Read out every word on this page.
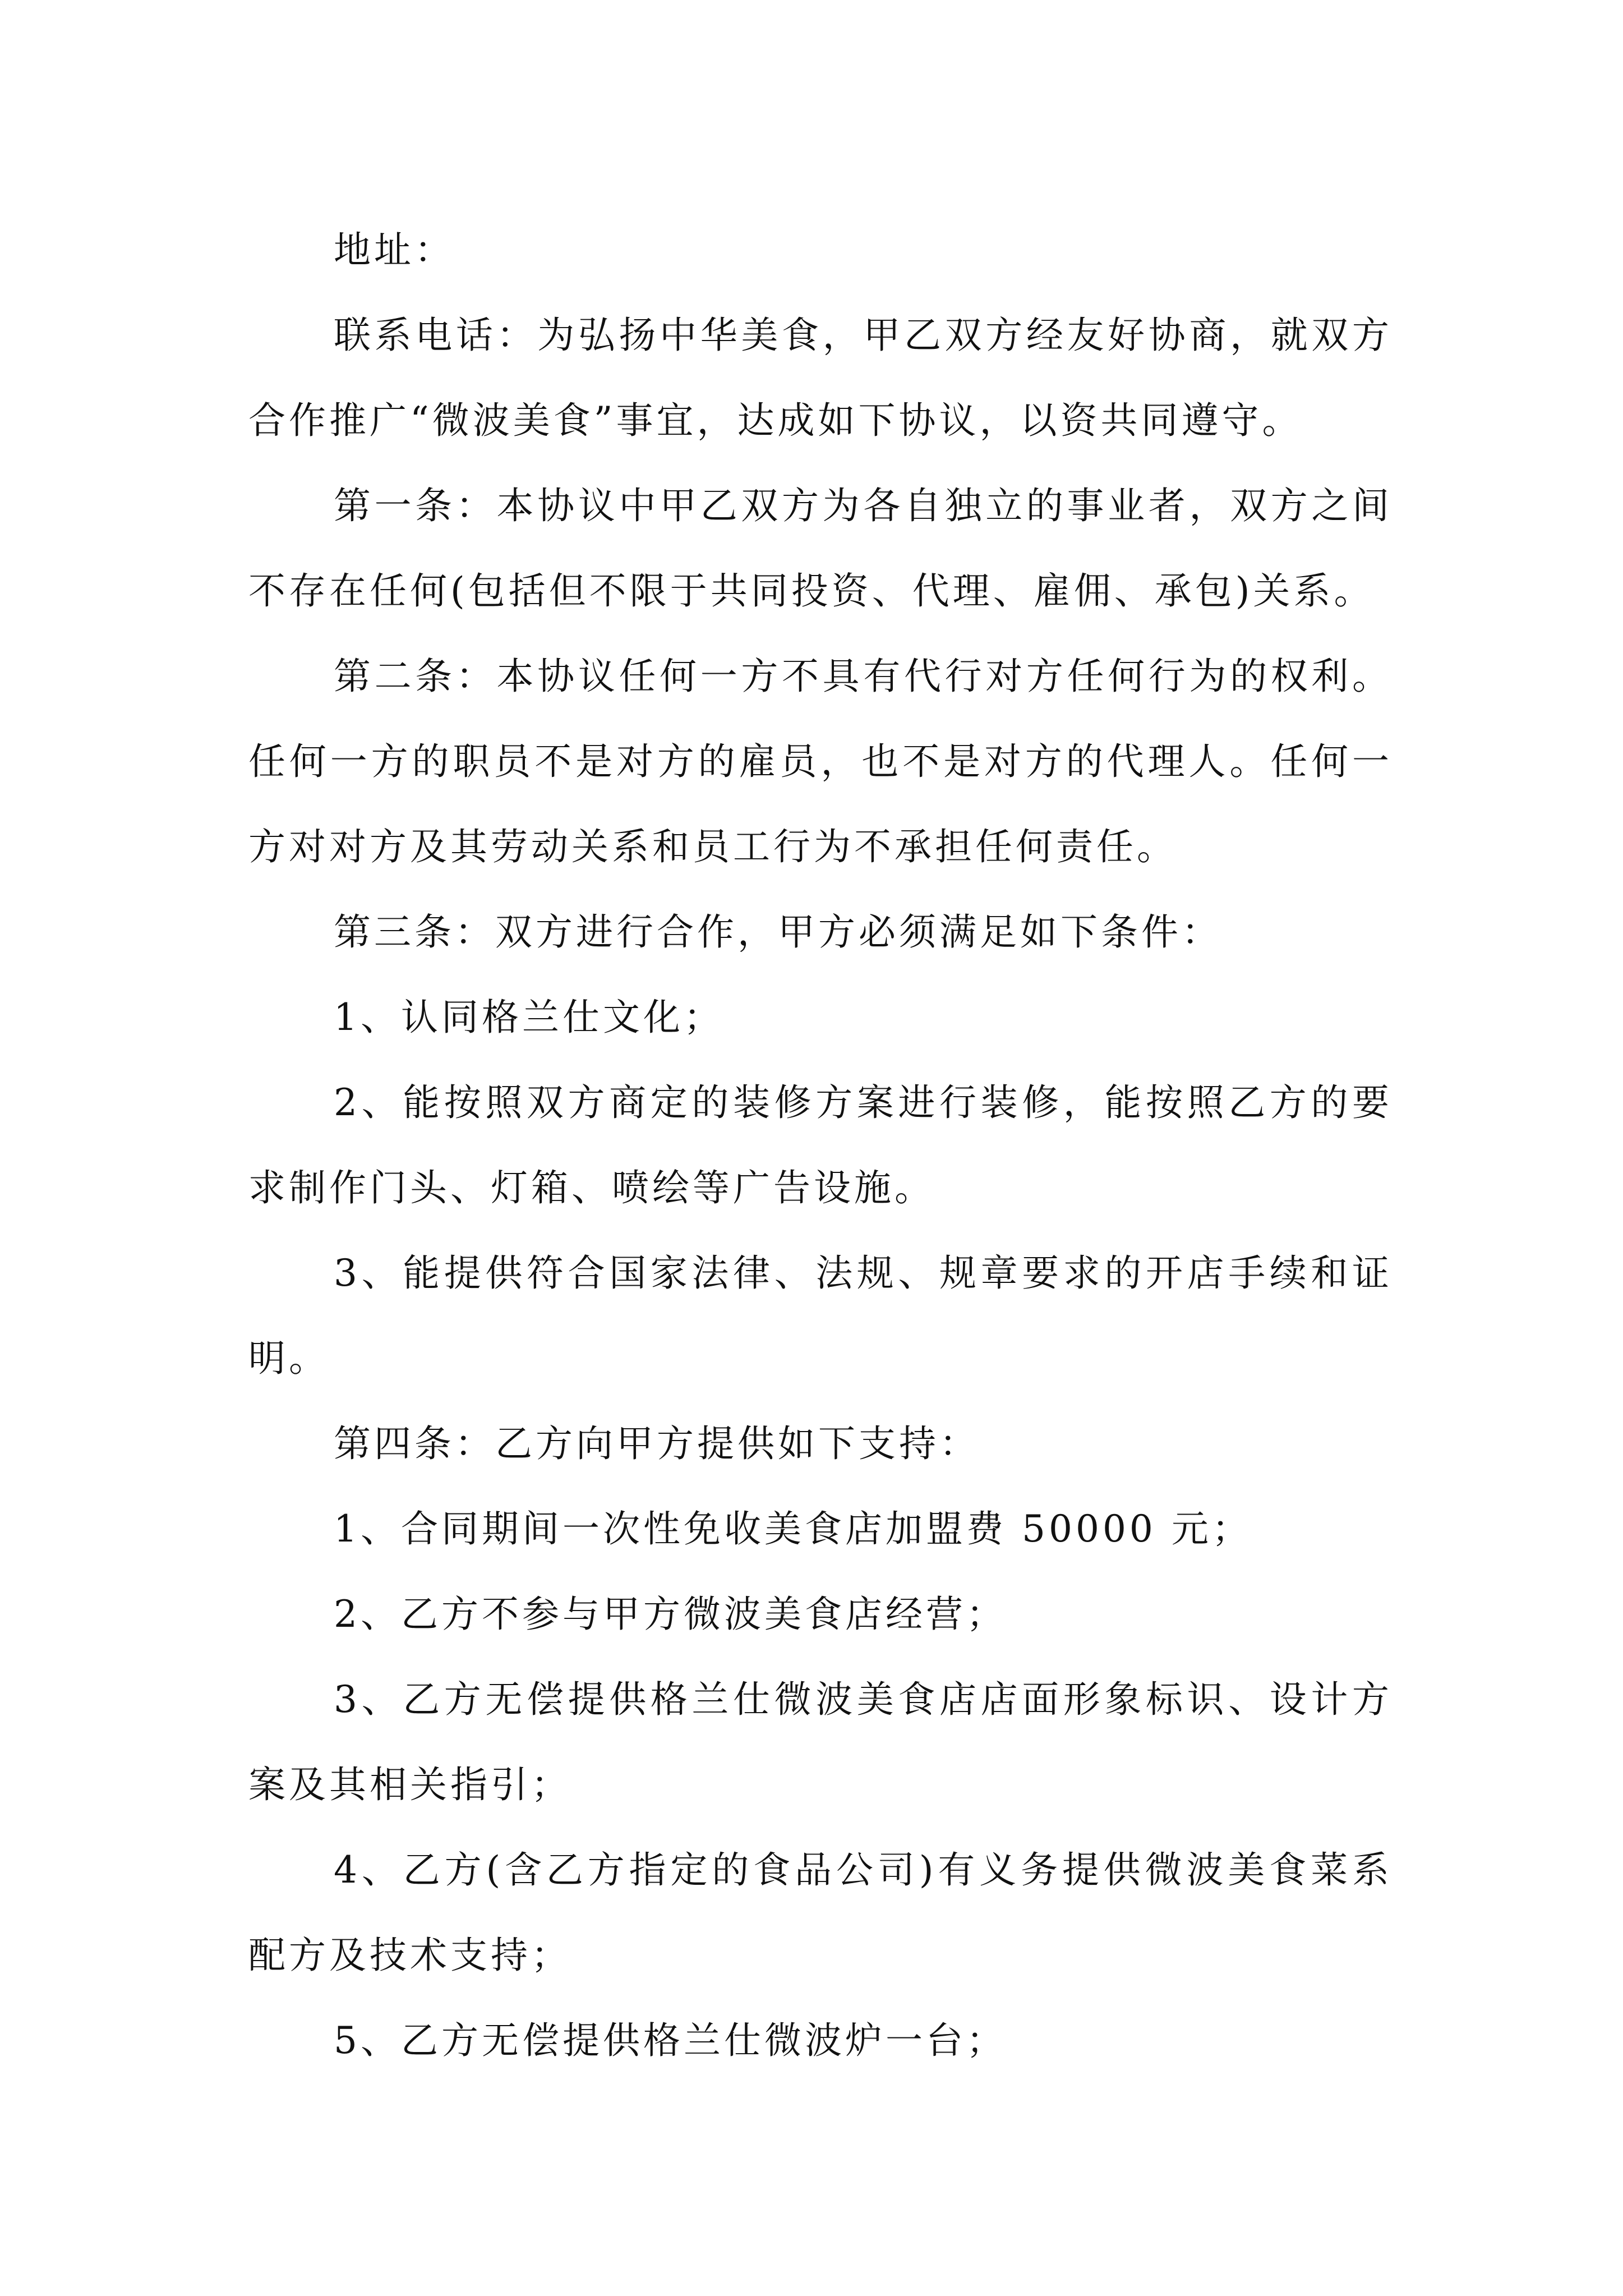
地址：

联系电话：为弘扬中华美食，甲乙双方经友好协商，就双方合作推广“微波美食”事宜，达成如下协议，以资共同遵守。

第一条：本协议中甲乙双方为各自独立的事业者，双方之间不存在任何(包括但不限于共同投资、代理、雇佣、承包)关系。

第二条：本协议任何一方不具有代行对方任何行为的权利。任何一方的职员不是对方的雇员，也不是对方的代理人。任何一方对对方及其劳动关系和员工行为不承担任何责任。

第三条：双方进行合作，甲方必须满足如下条件：

1、认同格兰仕文化；

2、能按照双方商定的装修方案进行装修，能按照乙方的要求制作门头、灯箱、喷绘等广告设施。

3、能提供符合国家法律、法规、规章要求的开店手续和证明。

第四条：乙方向甲方提供如下支持：

1、合同期间一次性免收美食店加盟费 50000 元；

2、乙方不参与甲方微波美食店经营；

3、乙方无偿提供格兰仕微波美食店店面形象标识、设计方案及其相关指引；

4、乙方(含乙方指定的食品公司)有义务提供微波美食菜系配方及技术支持；

5、乙方无偿提供格兰仕微波炉一台；
